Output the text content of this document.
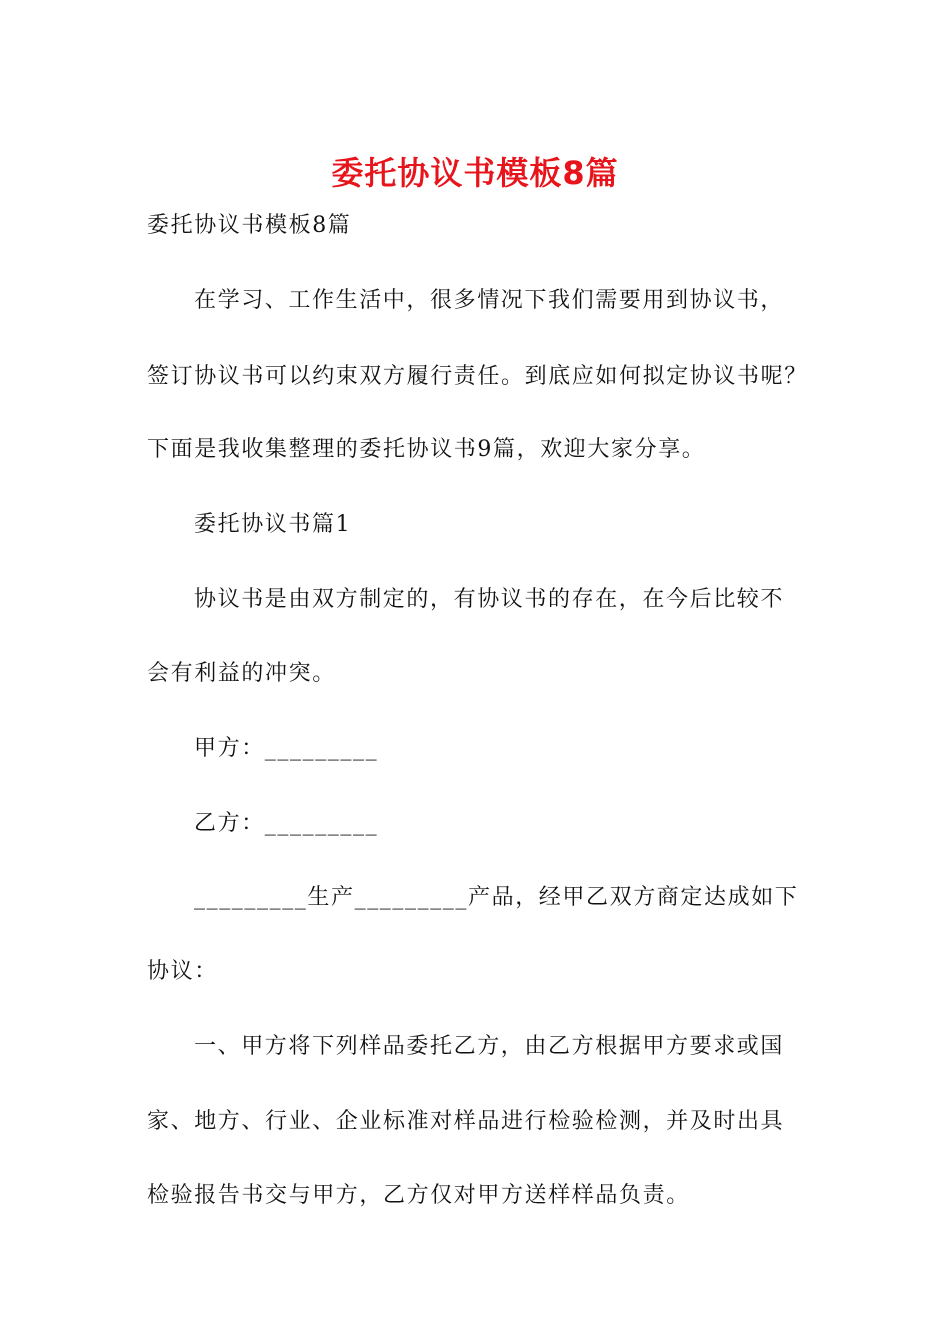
委托协议书模板8篇
委托协议书模板8篇
在学习、工作生活中，很多情况下我们需要用到协议书，
签订协议书可以约束双方履行责任。到底应如何拟定协议书呢？
下面是我收集整理的委托协议书9篇，欢迎大家分享。
委托协议书篇1
协议书是由双方制定的，有协议书的存在，在今后比较不
会有利益的冲突。
甲方：_________
乙方：_________
_________生产_________产品，经甲乙双方商定达成如下
协议：
一、甲方将下列样品委托乙方，由乙方根据甲方要求或国
家、地方、行业、企业标准对样品进行检验检测，并及时出具
检验报告书交与甲方，乙方仅对甲方送样样品负责。
